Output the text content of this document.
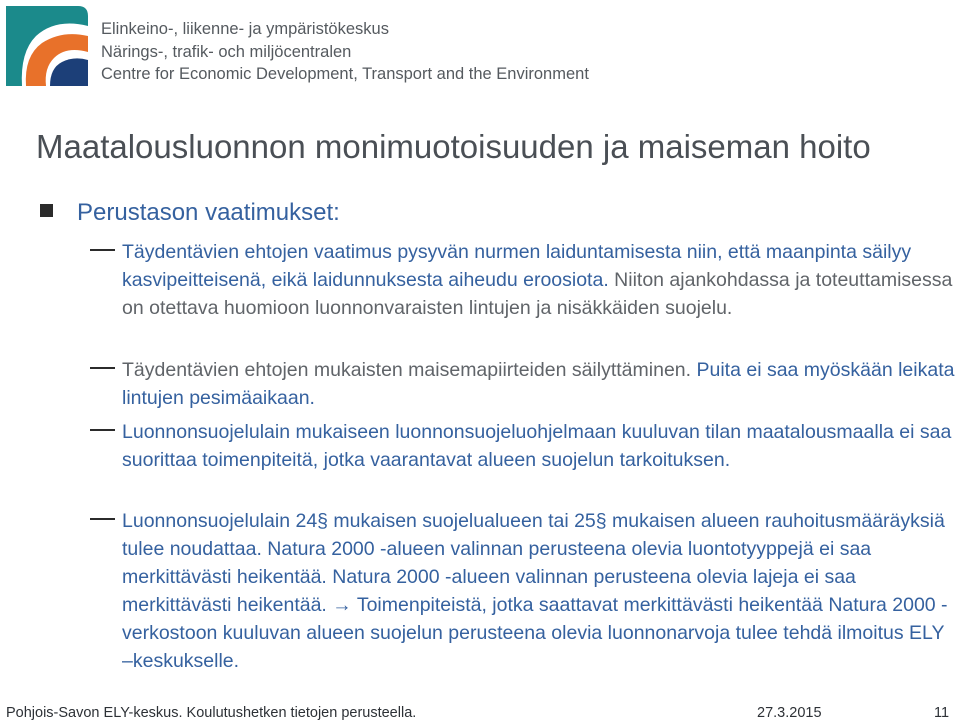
Elinkeino-, liikenne- ja ympäristökeskus
Närings-, trafik- och miljöcentralen
Centre for Economic Development, Transport and the Environment
Maatalousluonnon monimuotoisuuden ja maiseman hoito
Perustason vaatimukset:
Täydentävien ehtojen vaatimus pysyvän nurmen laiduntamisesta niin, että maanpinta säilyy kasvipeitteisenä, eikä laidunnuksesta aiheudu eroosiota. Niiton ajankohdassa ja toteuttamisessa on otettava huomioon luonnonvaraisten lintujen ja nisäkkäiden suojelu.
Täydentävien ehtojen mukaisten maisemapiirteiden säilyttäminen. Puita ei saa myöskään leikata lintujen pesimäaikaan.
Luonnonsuojelulain mukaiseen luonnonsuojeluohjelmaan kuuluvan tilan maatalousmaalla ei saa suorittaa toimenpiteitä, jotka vaarantavat alueen suojelun tarkoituksen.
Luonnonsuojelulain 24§ mukaisen suojelualueen tai 25§ mukaisen alueen rauhoitusmääräyksiä tulee noudattaa. Natura 2000 -alueen valinnan perusteena olevia luontotyyppejä ei saa merkittävästi heikentää. Natura 2000 -alueen valinnan perusteena olevia lajeja ei saa merkittävästi heikentää. → Toimenpiteistä, jotka saattavat merkittävästi heikentää Natura 2000 -verkostoon kuuluvan alueen suojelun perusteena olevia luonnonarvoja tulee tehdä ilmoitus ELY –keskukselle.
Pohjois-Savon ELY-keskus. Koulutushetken tietojen perusteella.	27.3.2015	11
